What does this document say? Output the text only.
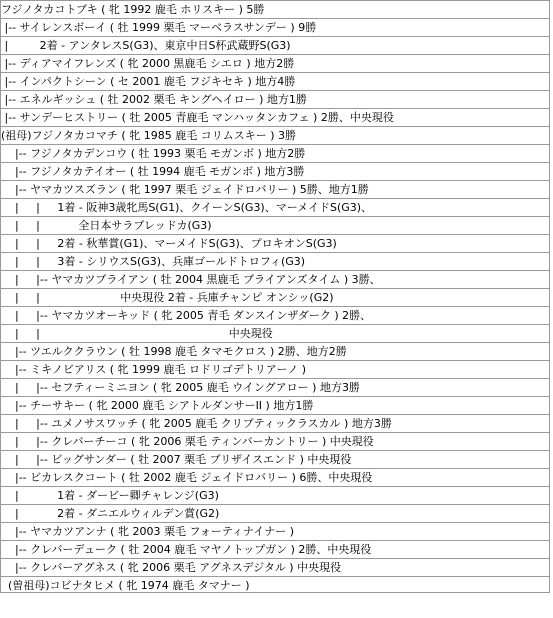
フジノタカコトブキ ( 牝 1992 鹿毛 ホリスキー ) 5勝
|-- サイレンスボーイ ( 牡 1999 栗毛 マーベラスサンデー ) 9勝
|         2着 - アンタレスS(G3)、東京中日S杯武蔵野S(G3)
|-- ディアマイフレンズ ( 牝 2000 黒鹿毛 シエロ ) 地方2勝
|-- インパクトシーン ( セ 2001 鹿毛 フジキセキ ) 地方4勝
|-- エネルギッシュ ( 牡 2002 栗毛 キングヘイロー ) 地方1勝
|-- サンデーヒストリー ( 牡 2005 青鹿毛 マンハッタンカフェ ) 2勝、中央現役
(祖母)フジノタカコマチ ( 牝 1985 鹿毛 コリムスキー ) 3勝
|-- フジノタカデンコウ ( 牡 1993 栗毛 モガンボ ) 地方2勝
|-- フジノタカテイオー ( 牡 1994 鹿毛 モガンボ ) 地方3勝
|-- ヤマカツスズラン ( 牝 1997 栗毛 ジェイドロバリー ) 5勝、地方1勝
|     |     1着 - 阪神3歳牝馬S(G1)、クイーンS(G3)、マーメイドS(G3)、
|     |           全日本サラブレッドカ(G3)
|     |     2着 - 秋華賞(G1)、マーメイドS(G3)、プロキオンS(G3)
|     |     3着 - シリウスS(G3)、兵庫ゴールドトロフィ(G3)
|     |-- ヤマカツブライアン ( 牡 2004 黒鹿毛 ブライアンズタイム ) 3勝、
|     |                       中央現役 2着 - 兵庫チャンピ オンシッ(G2)
|     |-- ヤマカツオーキッド ( 牝 2005 青毛 ダンスインザダーク ) 2勝、
|     |                                                      中央現役
|-- ツエルククラウン ( 牡 1998 鹿毛 タマモクロス ) 2勝、地方2勝
|-- ミキノビアリス ( 牝 1999 鹿毛 ロドリゴデトリアーノ )
|     |-- セフティーミニヨン ( 牝 2005 鹿毛 ウイングアロー ) 地方3勝
|-- チーサキー ( 牝 2000 鹿毛 シアトルダンサーII ) 地方1勝
|     |-- ユメノサスワッチ ( 牝 2005 鹿毛 クリプティックラスカル ) 地方3勝
|     |-- クレバーチーコ ( 牝 2006 栗毛 ティンバーカントリー ) 中央現役
|     |-- ビッグサンダー ( 牡 2007 栗毛 ブリザイスエンド ) 中央現役
|-- ビカレスクコート ( 牡 2002 鹿毛 ジェイドロバリー ) 6勝、中央現役
|           1着 - ダービー卿チャレンジ(G3)
|           2着 - ダニエルウィルデン賞(G2)
|-- ヤマカツアンナ ( 牝 2003 栗毛 フォーティナイナー )
|-- クレバーデューク ( 牡 2004 鹿毛 マヤノトップガン ) 2勝、中央現役
|-- クレバーアグネス ( 牝 2006 栗毛 アグネスデジタル ) 中央現役
(曽祖母)コビナタヒメ ( 牝 1974 鹿毛 タマナー )
